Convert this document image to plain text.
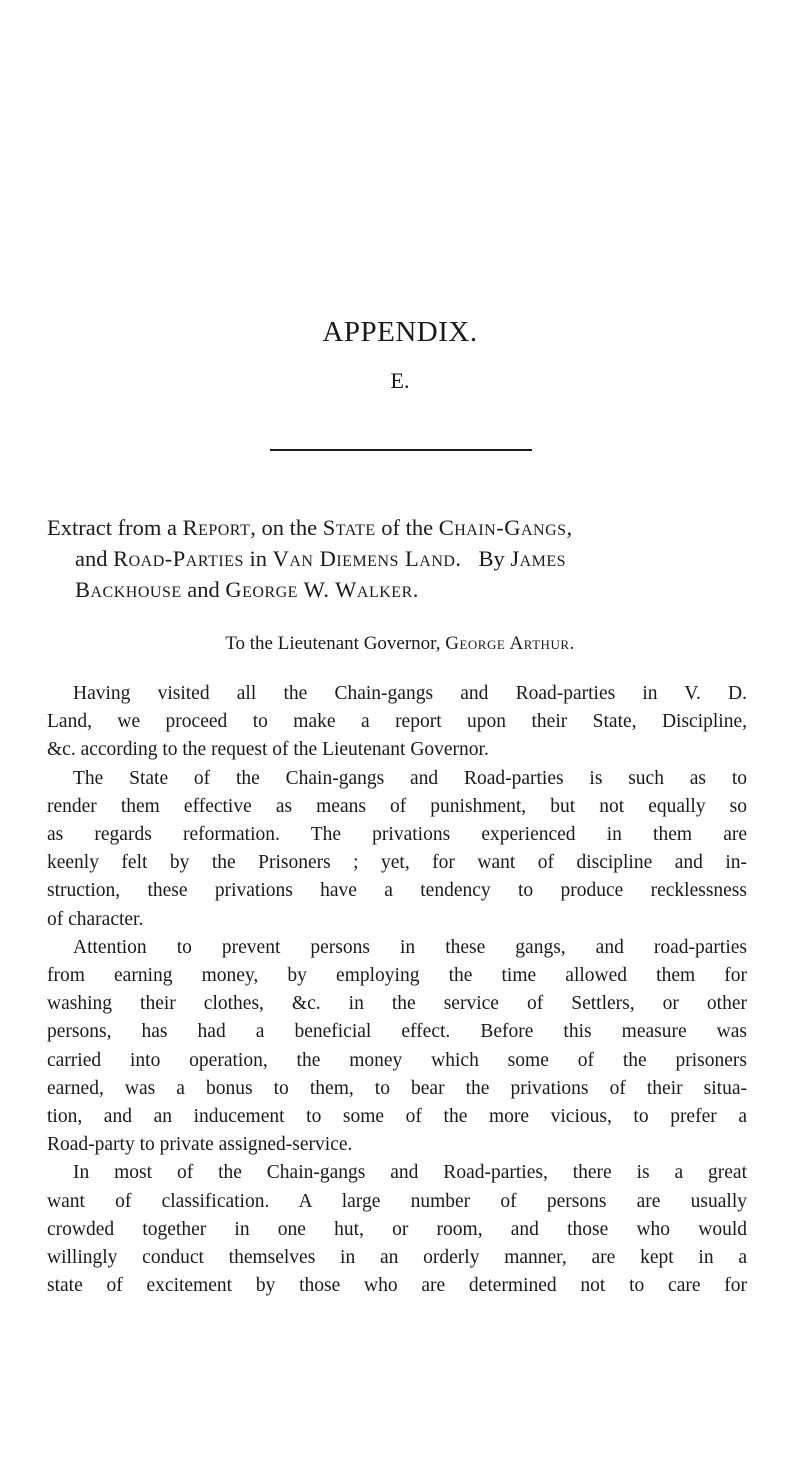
APPENDIX.
E.
Extract from a Report, on the State of the Chain-Gangs,
and Road-Parties in Van Diemens Land.   By James
Backhouse and George W. Walker.

To the Lieutenant Governor, George Arthur.

Having visited all the Chain-gangs and Road-parties in V. D.
Land, we proceed to make a report upon their State, Discipline,
&c. according to the request of the Lieutenant Governor.

The State of the Chain-gangs and Road-parties is such as to
render them effective as means of punishment, but not equally so
as regards reformation. The privations experienced in them are
keenly felt by the Prisoners ; yet, for want of discipline and in-
struction, these privations have a tendency to produce recklessness
of character.

Attention to prevent persons in these gangs, and road-parties
from earning money, by employing the time allowed them for
washing their clothes, &c. in the service of Settlers, or other
persons, has had a beneficial effect. Before this measure was
carried into operation, the money which some of the prisoners
earned, was a bonus to them, to bear the privations of their situa-
tion, and an inducement to some of the more vicious, to prefer a
Road-party to private assigned-service.

In most of the Chain-gangs and Road-parties, there is a great
want of classification. A large number of persons are usually
crowded together in one hut, or room, and those who would
willingly conduct themselves in an orderly manner, are kept in a
state of excitement by those who are determined not to care for
